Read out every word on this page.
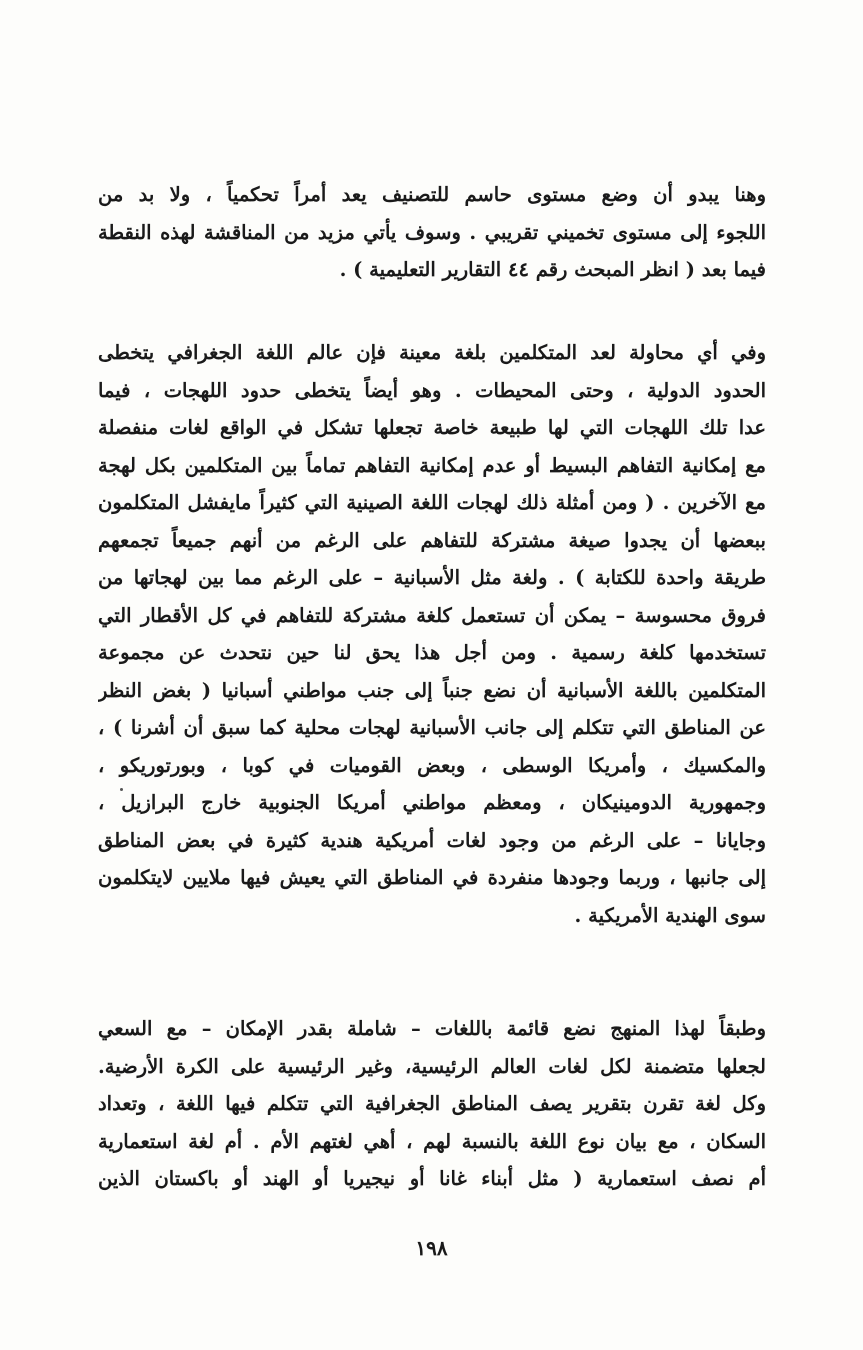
وهنا يبدو أن وضع مستوى حاسم للتصنيف يعد أمراً تحكمياً ، ولا بد من
اللجوء إلى مستوى تخميني تقريبي . وسوف يأتي مزيد من المناقشة لهذه النقطة
فيما بعد ( انظر المبحث رقم ٤٤ التقارير التعليمية ) .
وفي أي محاولة لعد المتكلمين بلغة معينة فإن عالم اللغة الجغرافي يتخطى
الحدود الدولية ، وحتى المحيطات . وهو أيضاً يتخطى حدود اللهجات ، فيما
عدا تلك اللهجات التي لها طبيعة خاصة تجعلها تشكل في الواقع لغات منفصلة
مع إمكانية التفاهم البسيط أو عدم إمكانية التفاهم تماماً بين المتكلمين بكل لهجة
مع الآخرين . ( ومن أمثلة ذلك لهجات اللغة الصينية التي كثيراً مايفشل المتكلمون
ببعضها أن يجدوا صيغة مشتركة للتفاهم على الرغم من أنهم جميعاً تجمعهم
طريقة واحدة للكتابة ) . ولغة مثل الأسبانية – على الرغم مما بين لهجاتها من
فروق محسوسة – يمكن أن تستعمل كلغة مشتركة للتفاهم في كل الأقطار التي
تستخدمها كلغة رسمية . ومن أجل هذا يحق لنا حين نتحدث عن مجموعة
المتكلمين باللغة الأسبانية أن نضع جنباً إلى جنب مواطني أسبانيا ( بغض النظر
عن المناطق التي تتكلم إلى جانب الأسبانية لهجات محلية كما سبق أن أشرنا ) ،
والمكسيك ، وأمريكا الوسطى ، وبعض القوميات في كوبا ، وبورتوريكو ،
وجمهورية الدومينيكان ، ومعظم مواطني أمريكا الجنوبية خارج البرازيل ،
وجايانا – على الرغم من وجود لغات أمريكية هندية كثيرة في بعض المناطق
إلى جانبها ، وربما وجودها منفردة في المناطق التي يعيش فيها ملايين لايتكلمون
سوى الهندية الأمريكية .
وطبقاً لهذا المنهج نضع قائمة باللغات – شاملة بقدر الإمكان – مع السعي
لجعلها متضمنة لكل لغات العالم الرئيسية، وغير الرئيسية على الكرة الأرضية.
وكل لغة تقرن بتقرير يصف المناطق الجغرافية التي تتكلم فيها اللغة ، وتعداد
السكان ، مع بيان نوع اللغة بالنسبة لهم ، أهي لغتهم الأم . أم لغة استعمارية
أم نصف استعمارية ( مثل أبناء غانا أو نيجيريا أو الهند أو باكستان الذين
١٩٨
